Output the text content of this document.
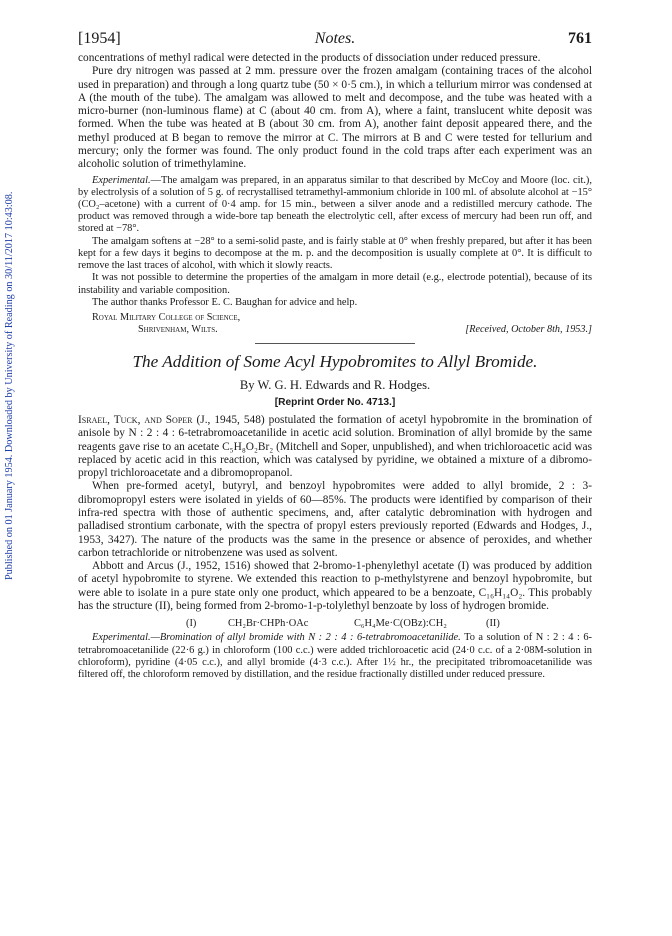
Published on 01 January 1954. Downloaded by University of Reading on 30/11/2017 10:43:08.
[1954]	Notes.	761

concentrations of methyl radical were detected in the products of dissociation under reduced pressure.

Pure dry nitrogen was passed at 2 mm. pressure over the frozen amalgam (containing traces of the alcohol used in preparation) and through a long quartz tube (50 × 0·5 cm.), in which a tellurium mirror was condensed at A (the mouth of the tube). The amalgam was allowed to melt and decompose, and the tube was heated with a micro-burner (non-luminous flame) at C (about 40 cm. from A), where a faint, translucent white deposit was formed. When the tube was heated at B (about 30 cm. from A), another faint deposit appeared there, and the methyl produced at B began to remove the mirror at C. The mirrors at B and C were tested for tellurium and mercury; only the former was found. The only product found in the cold traps after each experiment was an alcoholic solution of trimethylamine.

Experimental.—The amalgam was prepared, in an apparatus similar to that described by McCoy and Moore (loc. cit.), by electrolysis of a solution of 5 g. of recrystallised tetramethyl-ammonium chloride in 100 ml. of absolute alcohol at −15° (CO₂–acetone) with a current of 0·4 amp. for 15 min., between a silver anode and a redistilled mercury cathode. The product was removed through a wide-bore tap beneath the electrolytic cell, after excess of mercury had been run off, and stored at −78°.

The amalgam softens at −28° to a semi-solid paste, and is fairly stable at 0° when freshly prepared, but after it has been kept for a few days it begins to decompose at the m. p. and the decomposition is usually complete at 0°. It is difficult to remove the last traces of alcohol, with which it slowly reacts.

It was not possible to determine the properties of the amalgam in more detail (e.g., electrode potential), because of its instability and variable composition.

The author thanks Professor E. C. Baughan for advice and help.

Royal Military College of Science,
Shrivenham, Wilts.	[Received, October 8th, 1953.]
The Addition of Some Acyl Hypobromites to Allyl Bromide.
By W. G. H. Edwards and R. Hodges.
[Reprint Order No. 4713.]

Israel, Tuck, and Soper (J., 1945, 548) postulated the formation of acetyl hypobromite in the bromination of anisole by N : 2 : 4 : 6-tetrabromoacetanilide in acetic acid solution. Bromination of allyl bromide by the same reagents gave rise to an acetate C₅H₈O₂Br₂ (Mitchell and Soper, unpublished), and when trichloroacetic acid was replaced by acetic acid in this reaction, which was catalysed by pyridine, we obtained a mixture of a dibromo-propyl trichloroacetate and a dibromopropanol.

When pre-formed acetyl, butyryl, and benzoyl hypobromites were added to allyl bromide, 2 : 3-dibromopropyl esters were isolated in yields of 60—85%. The products were identified by comparison of their infra-red spectra with those of authentic specimens, and, after catalytic debromination with hydrogen and palladised strontium carbonate, with the spectra of propyl esters previously reported (Edwards and Hodges, J., 1953, 3427). The nature of the products was the same in the presence or absence of peroxides, and whether carbon tetrachloride or nitrobenzene was used as solvent.

Abbott and Arcus (J., 1952, 1516) showed that 2-bromo-1-phenylethyl acetate (I) was produced by addition of acetyl hypobromite to styrene. We extended this reaction to p-methylstyrene and benzoyl hypobromite, but were able to isolate in a pure state only one product, which appeared to be a benzoate, C₁₆H₁₄O₂. This probably has the structure (II), being formed from 2-bromo-1-p-tolylethyl benzoate by loss of hydrogen bromide.

(I)	CH₂Br·CHPh·OAc	C₆H₄Me·C(OBz):CH₂	(II)

Experimental.—Bromination of allyl bromide with N : 2 : 4 : 6-tetrabromoacetanilide. To a solution of N : 2 : 4 : 6-tetrabromoacetanilide (22·6 g.) in chloroform (100 c.c.) were added trichloroacetic acid (24·0 c.c. of a 2·08M-solution in chloroform), pyridine (4·05 c.c.), and allyl bromide (4·3 c.c.). After 1½ hr., the precipitated tribromoacetanilide was filtered off, the chloroform removed by distillation, and the residue fractionally distilled under reduced pressure.
